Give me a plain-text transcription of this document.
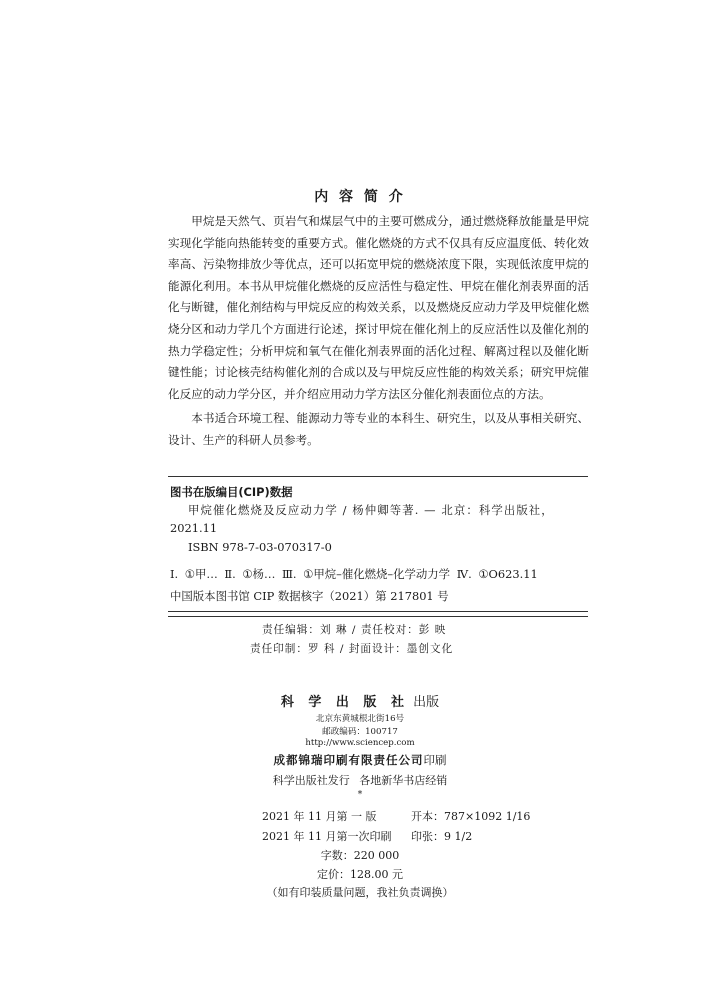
内 容 简 介

甲烷是天然气、页岩气和煤层气中的主要可燃成分，通过燃烧释放能量是甲烷实现化学能向热能转变的重要方式。催化燃烧的方式不仅具有反应温度低、转化效率高、污染物排放少等优点，还可以拓宽甲烷的燃烧浓度下限，实现低浓度甲烷的能源化利用。本书从甲烷催化燃烧的反应活性与稳定性、甲烷在催化剂表界面的活化与断键，催化剂结构与甲烷反应的构效关系，以及燃烧反应动力学及甲烷催化燃烧分区和动力学几个方面进行论述，探讨甲烷在催化剂上的反应活性以及催化剂的热力学稳定性；分析甲烷和氧气在催化剂表界面的活化过程、解离过程以及催化断键性能；讨论核壳结构催化剂的合成以及与甲烷反应性能的构效关系；研究甲烷催化反应的动力学分区，并介绍应用动力学方法区分催化剂表面位点的方法。

本书适合环境工程、能源动力等专业的本科生、研究生，以及从事相关研究、设计、生产的科研人员参考。

图书在版编目(CIP)数据
甲烷催化燃烧及反应动力学 / 杨仲卿等著. — 北京：科学出版社，
2021.11
ISBN 978-7-03-070317-0
Ⅰ. ①甲… Ⅱ. ①杨… Ⅲ. ①甲烷–催化燃烧–化学动力学 Ⅳ. ①O623.11
中国版本图书馆 CIP 数据核字（2021）第 217801 号
责任编辑：刘 琳 / 责任校对：彭 映
责任印制：罗 科 / 封面设计：墨创文化
科 学 出 版 社 出版
北京东黄城根北街16号
邮政编码：100717
http://www.sciencep.com
成都锦瑞印刷有限责任公司印刷
科学出版社发行 各地新华书店经销
*
2021 年 11 月第 一 版	开本：787×1092 1/16
2021 年 11 月第一次印刷 印张：9 1/2
字数：220 000
定价：128.00 元
（如有印装质量问题，我社负责调换）
